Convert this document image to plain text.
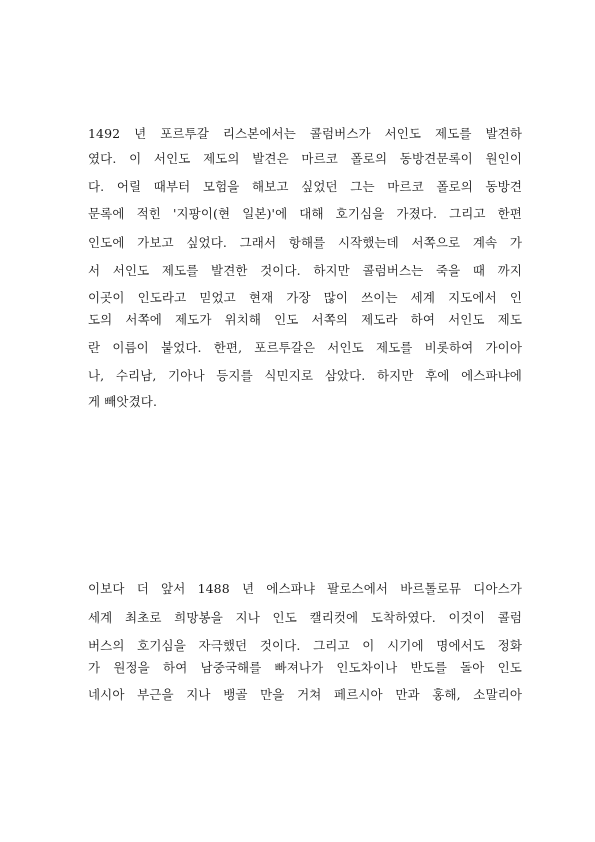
1492 년 포르투갈 리스본에서는 콜럼버스가 서인도 제도를 발견하
였다. 이 서인도 제도의 발견은 마르코 폴로의 동방견문록이 원인이
다. 어릴 때부터 모험을 해보고 싶었던 그는 마르코 폴로의 동방견
문록에 적힌 '지팡이(현 일본)'에 대해 호기심을 가졌다. 그리고 한편
인도에 가보고 싶었다. 그래서 항해를 시작했는데 서쪽으로 계속 가
서 서인도 제도를 발견한 것이다. 하지만 콜럼버스는 죽을 때 까지
이곳이 인도라고 믿었고 현재 가장 많이 쓰이는 세계 지도에서 인
도의 서쪽에 제도가 위치해 인도 서쪽의 제도라 하여 서인도 제도
란 이름이 붙었다. 한편, 포르투갈은 서인도 제도를 비롯하여 가이아
나, 수리남, 기아나 등지를 식민지로 삼았다. 하지만 후에 에스파냐에
게 빼앗겼다.
이보다 더 앞서 1488 년 에스파냐 팔로스에서 바르톨로뮤 디아스가
세계 최초로 희망봉을 지나 인도 캘리컷에 도착하였다. 이것이 콜럼
버스의 호기심을 자극했던 것이다. 그리고 이 시기에 명에서도 정화
가 원정을 하여 남중국해를 빠져나가 인도차이나 반도를 돌아 인도
네시아 부근을 지나 뱅골 만을 거쳐 페르시아 만과 홍해, 소말리아
